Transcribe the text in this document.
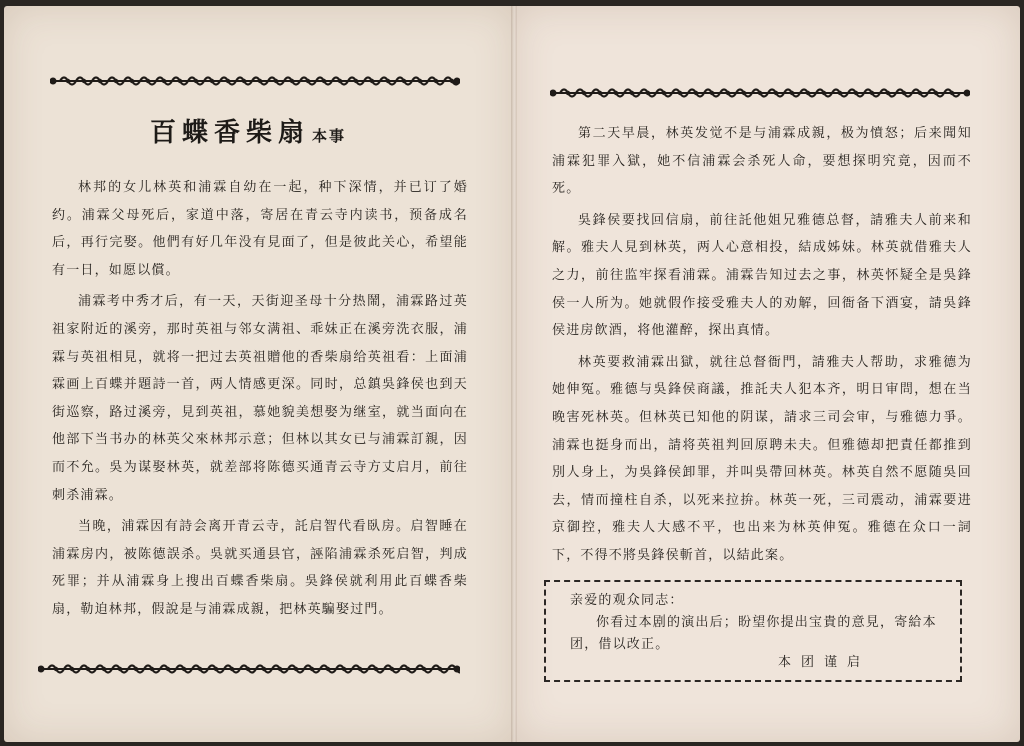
百蝶香柴扇 本事

林邦的女儿林英和浦霖自幼在一起，种下深情，并已订了婚约。浦霖父母死后，家道中落，寄居在青云寺内读书，预备成名后，再行完娶。他們有好几年没有見面了，但是彼此关心，希望能有一日，如愿以償。

浦霖考中秀才后，有一天，天街迎圣母十分热鬧，浦霖路过英祖家附近的溪旁，那时英祖与邻女满祖、乖妹正在溪旁洗衣服，浦霖与英祖相見，就将一把过去英祖贈他的香柴扇给英祖看：上面浦霖画上百蝶并題詩一首，两人情感更深。同时，总鎮吳鋒侯也到天街巡察，路过溪旁，見到英祖，慕她貌美想娶为继室，就当面向在他部下当书办的林英父來林邦示意；但林以其女已与浦霖訂親，因而不允。吳为谋娶林英，就差部将陈德买通青云寺方丈启月，前往刺杀浦霖。

当晚，浦霖因有詩会离开青云寺，託启智代看臥房。启智睡在浦霖房内，被陈德誤杀。吳就买通县官，誣陷浦霖杀死启智，判成死罪；并从浦霖身上搜出百蝶香柴扇。吳鋒侯就利用此百蝶香柴扇，勒迫林邦，假說是与浦霖成親，把林英騙娶过門。

第二天早晨，林英发觉不是与浦霖成親，极为憤怒；后来聞知浦霖犯罪入獄，她不信浦霖会杀死人命，要想探明究竟，因而不死。

吳鋒侯要找回信扇，前往託他姐兄雅德总督，請雅夫人前来和解。雅夫人見到林英，两人心意相投，結成姊妹。林英就借雅夫人之力，前往监牢探看浦霖。浦霖告知过去之事，林英怀疑全是吳鋒侯一人所为。她就假作接受雅夫人的劝解，回衙备下酒宴，請吳鋒侯进房飲酒，将他灌醉，探出真情。

林英要救浦霖出獄，就往总督衙門，請雅夫人帮助，求雅德为她伸冤。雅德与吳鋒侯商議，推託夫人犯本齐，明日审問，想在当晚害死林英。但林英已知他的阴谋，請求三司会审，与雅德力爭。浦霖也挺身而出，請将英祖判回原聘未夫。但雅德却把責任都推到別人身上，为吳鋒侯卸罪，并叫吳帶回林英。林英自然不愿随吳回去，情而撞柱自杀，以死来拉拚。林英一死，三司震动，浦霖要进京御控，雅夫人大感不平，也出来为林英伸冤。雅德在众口一詞下，不得不將吳鋒侯斬首，以結此案。

亲爱的观众同志：

你看过本剧的演出后；盼望你提出宝貴的意見，寄給本团，借以改正。

本团谨启
